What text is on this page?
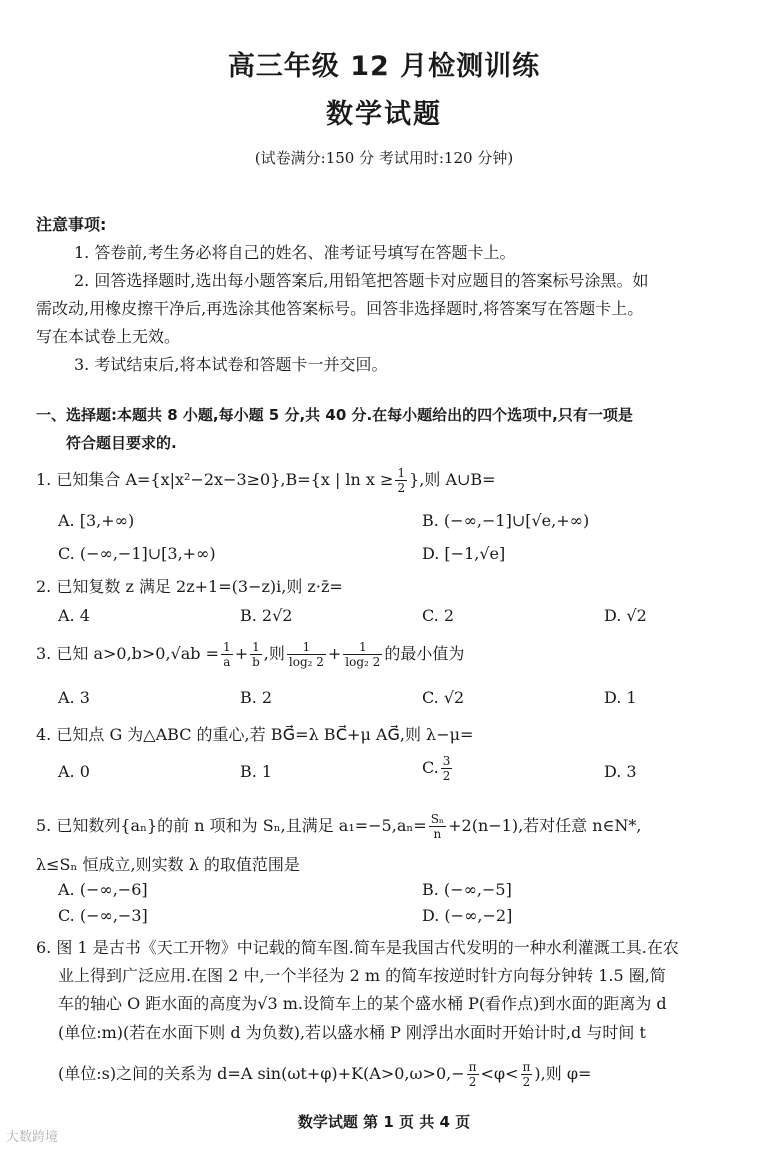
高三年级 12 月检测训练
数学试题
(试卷满分:150 分 考试用时:120 分钟)
注意事项:
1. 答卷前,考生务必将自己的姓名、准考证号填写在答题卡上。
2. 回答选择题时,选出每小题答案后,用铅笔把答题卡对应题目的答案标号涂黑。如
需改动,用橡皮擦干净后,再选涂其他答案标号。回答非选择题时,将答案写在答题卡上。
写在本试卷上无效。
3. 考试结束后,将本试卷和答题卡一并交回。
一、选择题:本题共 8 小题,每小题 5 分,共 40 分.在每小题给出的四个选项中,只有一项是
符合题目要求的.
1. 已知集合 A={x|x²−2x−3≥0},B={x | $\ln x \ge \frac{1}{2}$ },则 A∪B=
A. [3,+∞)	B. (−∞,−1]∪[√e,+∞)
C. (−∞,−1]∪[3,+∞)	D. [−1,√e]
2. 已知复数 z 满足 2z+1=(3−z)i,则 z·z̄=
A. 4	B. 2√2	C. 2	D. √2
3. 已知 $a>0,b>0,√ab = \frac{1}{a} + \frac{1}{b}$ ,则 $\frac{1}{\text{log₂ 2}} + \frac{1}{\text{log₂ 2}}$ 的最小值为
A. 3	B. 2	C. √2	D. 1
4. 已知点 G 为△ABC 的重心,若 BG⃗=λ BC⃗+μ AG⃗,则 λ−μ=
A. 0	B. 1	C. $\frac{3}{2}$	D. 3
5. 已知数列{aₙ}的前 n 项和为 Sₙ,且满足 $a_1=-5,a_n= \frac{\text{Sₙ}}{n} +2(n-1)$,若对任意 n∈N*,
λ≤Sₙ 恒成立,则实数 λ 的取值范围是
A. (−∞,−6]	B. (−∞,−5]
C. (−∞,−3]	D. (−∞,−2]
6. 图 1 是古书《天工开物》中记载的简车图.简车是我国古代发明的一种水利灌溉工具.在农
业上得到广泛应用.在图 2 中,一个半径为 2 m 的简车按逆时针方向每分钟转 1.5 圈,简
车的轴心 O 距水面的高度为√3 m.设简车上的某个盛水桶 P(看作点)到水面的距离为 d
(单位:m)(若在水面下则 d 为负数),若以盛水桶 P 刚浮出水面时开始计时,d 与时间 t
(单位:s)之间的关系为 d=A $\sin(\omega t+\varphi)+K(A>0,\omega>0,- \frac{\pi}{2} <\varphi< \frac{\pi}{2}$ ),则 φ=
数学试题 第 1 页 共 4 页
大数跨境
